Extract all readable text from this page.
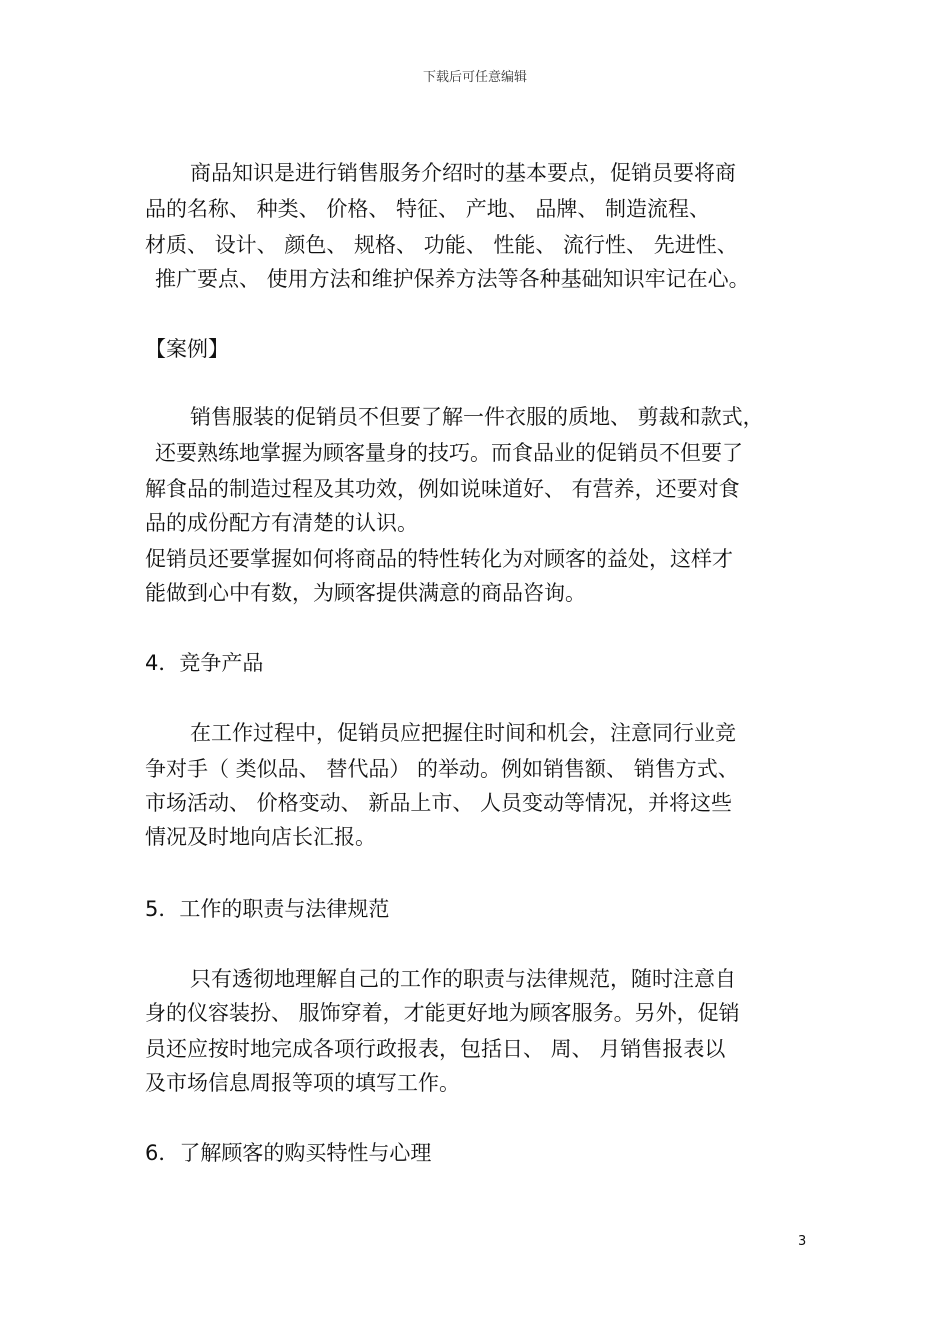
下载后可任意编辑
商品知识是进行销售服务介绍时的基本要点，促销员要将商
品的名称、 种类、 价格、 特征、 产地、 品牌、 制造流程、
材质、 设计、 颜色、 规格、 功能、 性能、 流行性、 先进性、
推广要点、 使用方法和维护保养方法等各种基础知识牢记在心。
【案例】
销售服装的促销员不但要了解一件衣服的质地、 剪裁和款式，
还要熟练地掌握为顾客量身的技巧。而食品业的促销员不但要了
解食品的制造过程及其功效，例如说味道好、 有营养，还要对食
品的成份配方有清楚的认识。
促销员还要掌握如何将商品的特性转化为对顾客的益处，这样才
能做到心中有数，为顾客提供满意的商品咨询。
4．竞争产品
在工作过程中，促销员应把握住时间和机会，注意同行业竞
争对手（ 类似品、 替代品） 的举动。例如销售额、 销售方式、
市场活动、 价格变动、 新品上市、 人员变动等情况，并将这些
情况及时地向店长汇报。
5．工作的职责与法律规范
只有透彻地理解自己的工作的职责与法律规范，随时注意自
身的仪容装扮、 服饰穿着，才能更好地为顾客服务。另外，促销
员还应按时地完成各项行政报表，包括日、 周、 月销售报表以
及市场信息周报等项的填写工作。
6．了解顾客的购买特性与心理
3
